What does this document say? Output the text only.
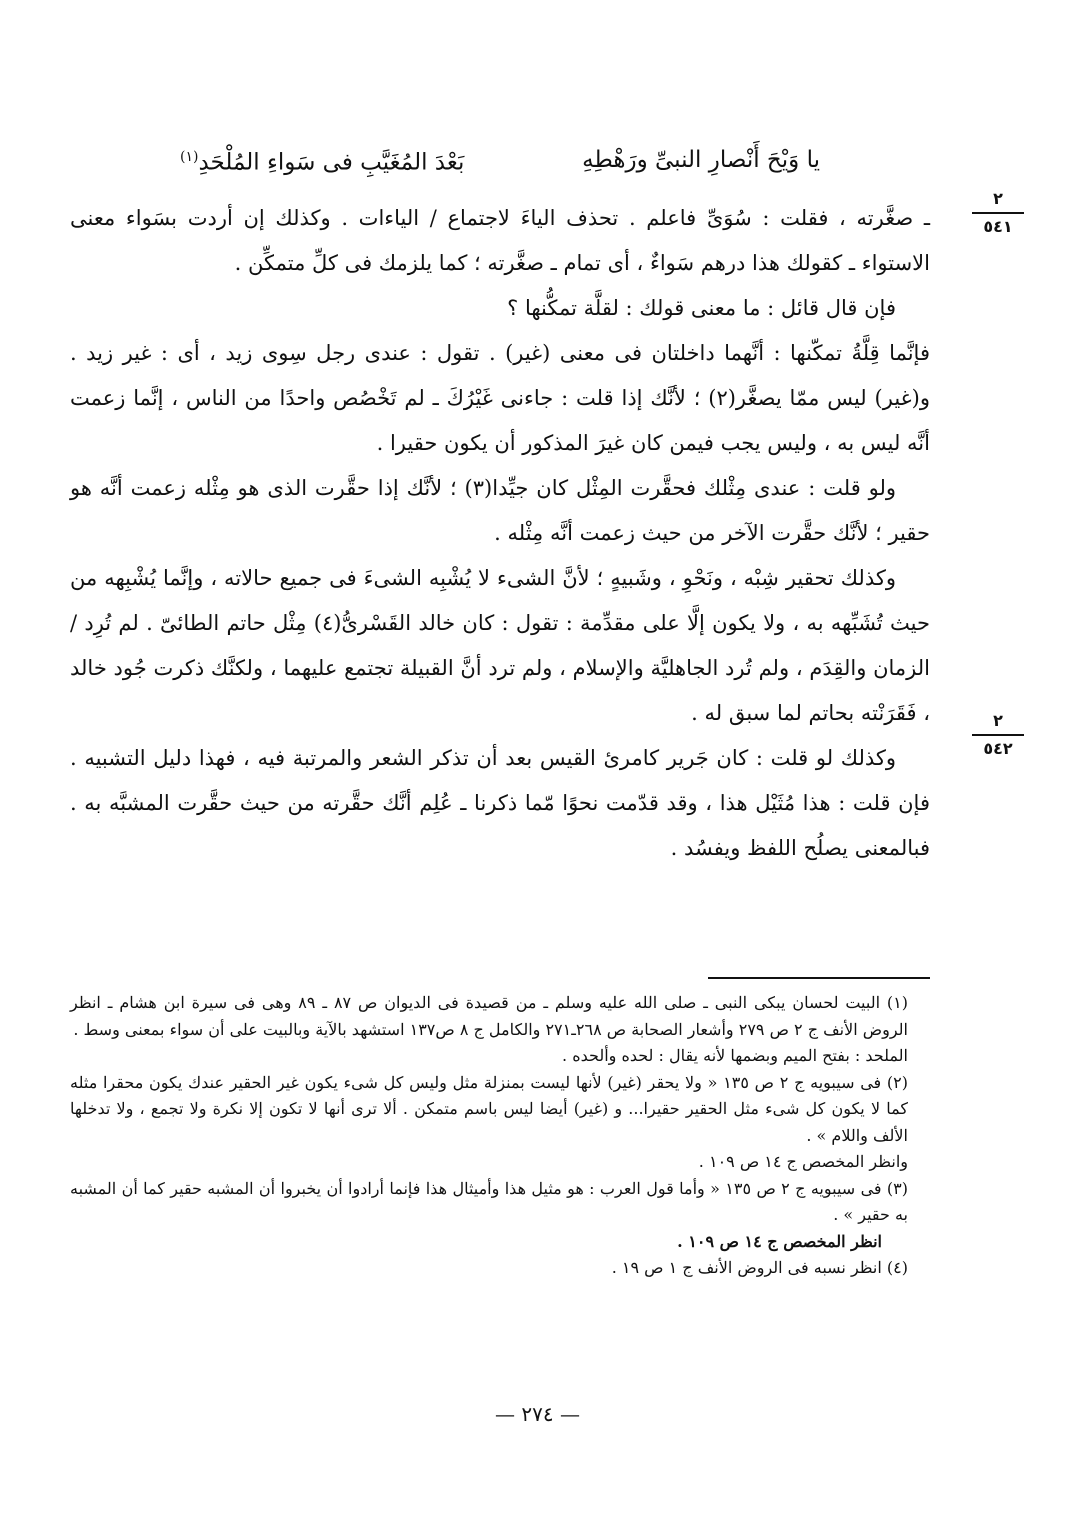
يا وَيْحَ أَنْصارِ النبىِّ ورَهْطِهِ
بَعْدَ المُغَيَّبِ فى سَواءِ المُلْحَدِ$^{(١)}$
٢
٥٤١
٢
٥٤٢

ـ صغَّرته ، فقلت : سُوَىِّ فاعلم . تحذف الياءَ لاجتماع / الياءات . وكذلك إن أردت بسَواء معنى الاستواء ـ كقولك هذا درهم سَواءٌ ، أى تمام ـ صغَّرته ؛ كما يلزمك فى كلِّ متمكِّن .

فإن قال قائل : ما معنى قولك : لقلَّة تمكُّنها ؟

فإنَّما قِلَّةُ تمكّنها : أنَّهما داخلتان فى معنى (غير) . تقول : عندى رجل سِوى زيد ، أى : غير زيد . و(غير) ليس ممّا يصغَّر(٢) ؛ لأنَّك إذا قلت : جاءنى غَيْرُكَ ـ لم تَخْصُص واحدًا من الناس ، إنَّما زعمت أنَّه ليس به ، وليس يجب فيمن كان غيرَ المذكور أن يكون حقيرا .

ولو قلت : عندى مِثْلك فحقَّرت المِثْل كان جيِّدا(٣) ؛ لأنَّك إذا حقَّرت الذى هو مِثْله زعمت أنَّه هو حقير ؛ لأنَّك حقَّرت الآخر من حيث زعمت أنَّه مِثْله .

وكذلك تحقير شِبْه ، ونَحْوِ ، وشَبيهٍ ؛ لأنَّ الشىء لا يُشْبِه الشىءَ فى جميع حالاته ، وإنَّما يُشْبِهه من حيث تُشَبِّهه به ، ولا يكون إلَّا على مقدِّمة : تقول : كان خالد القَسْرىُّ(٤) مِثْل حاتم الطائىّ . لم تُرِد / الزمان والقِدَم ، ولم تُرد الجاهليَّة والإسلام ، ولم ترد أنَّ القبيلة تجتمع عليهما ، ولكنَّك ذكرت جُود خالد ، فَقَرَنْته بحاتم لما سبق له .

وكذلك لو قلت : كان جَرير كامرئ القيس بعد أن تذكر الشعر والمرتبة فيه ، فهذا دليل التشبيه . فإن قلت : هذا مُثَيْل هذا ، وقد قدّمت نحوًا مّما ذكرنا ـ عُلِم أنَّك حقَّرته من حيث حقَّرت المشبَّه به . فبالمعنى يصلُح اللفظ ويفسُد .

(١) البيت لحسان يبكى النبى ـ صلى الله عليه وسلم ـ من قصيدة فى الديوان ص ٨٧ ـ ٨٩ وهى فى سيرة ابن هشام ـ انظر الروض الأنف ج ٢ ص ٢٧٩ وأشعار الصحابة ص ٢٦٨ـ٢٧١ والكامل ج ٨ ص١٣٧ استشهد بالآية وبالبيت على أن سواء بمعنى وسط .

الملحد : بفتح الميم وبضمها لأنه يقال : لحده وألحده .

(٢) فى سيبويه ج ٢ ص ١٣٥ « ولا يحقر (غير) لأنها ليست بمنزلة مثل وليس كل شىء يكون غير الحقير عندك يكون محقرا مثله كما لا يكون كل شىء مثل الحقير حقيرا... و (غير) أيضا ليس باسم متمكن . ألا ترى أنها لا تكون إلا نكرة ولا تجمع ، ولا تدخلها الألف واللام » .

وانظر المخصص ج ١٤ ص ١٠٩ .

(٣) فى سيبويه ج ٢ ص ١٣٥ « وأما قول العرب : هو مثيل هذا وأميثال هذا فإنما أرادوا أن يخبروا أن المشبه حقير كما أن المشبه به حقير » .

انظر المخصص ج ١٤ ص ١٠٩ .

(٤) انظر نسبه فى الروض الأنف ج ١ ص ١٩ .

— ٢٧٤ —
